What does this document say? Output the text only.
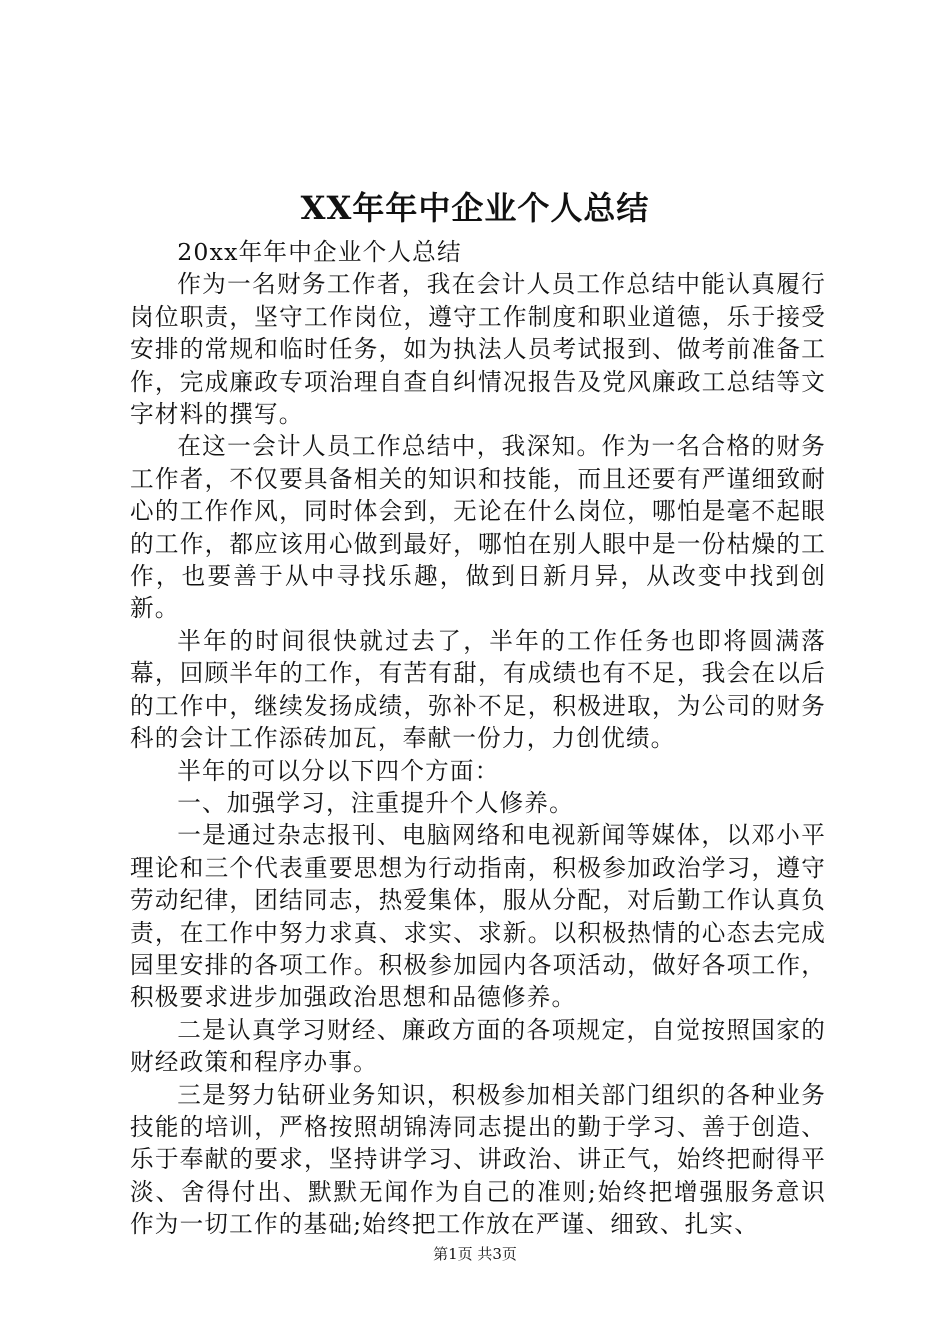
XX年年中企业个人总结

20xx年年中企业个人总结

作为一名财务工作者，我在会计人员工作总结中能认真履行岗位职责，坚守工作岗位，遵守工作制度和职业道德，乐于接受安排的常规和临时任务，如为执法人员考试报到、做考前准备工作，完成廉政专项治理自查自纠情况报告及党风廉政工总结等文字材料的撰写。

在这一会计人员工作总结中，我深知。作为一名合格的财务工作者，不仅要具备相关的知识和技能，而且还要有严谨细致耐心的工作作风，同时体会到，无论在什么岗位，哪怕是毫不起眼的工作，都应该用心做到最好，哪怕在别人眼中是一份枯燥的工作，也要善于从中寻找乐趣，做到日新月异，从改变中找到创新。

半年的时间很快就过去了，半年的工作任务也即将圆满落幕，回顾半年的工作，有苦有甜，有成绩也有不足，我会在以后的工作中，继续发扬成绩，弥补不足，积极进取，为公司的财务科的会计工作添砖加瓦，奉献一份力，力创优绩。

半年的可以分以下四个方面：

一、加强学习，注重提升个人修养。

一是通过杂志报刊、电脑网络和电视新闻等媒体，以邓小平理论和三个代表重要思想为行动指南，积极参加政治学习，遵守劳动纪律，团结同志，热爱集体，服从分配，对后勤工作认真负责，在工作中努力求真、求实、求新。以积极热情的心态去完成园里安排的各项工作。积极参加园内各项活动，做好各项工作，积极要求进步加强政治思想和品德修养。

二是认真学习财经、廉政方面的各项规定，自觉按照国家的财经政策和程序办事。

三是努力钻研业务知识，积极参加相关部门组织的各种业务技能的培训，严格按照胡锦涛同志提出的勤于学习、善于创造、乐于奉献的要求，坚持讲学习、讲政治、讲正气，始终把耐得平淡、舍得付出、默默无闻作为自己的准则;始终把增强服务意识作为一切工作的基础;始终把工作放在严谨、细致、扎实、

第1页 共3页
